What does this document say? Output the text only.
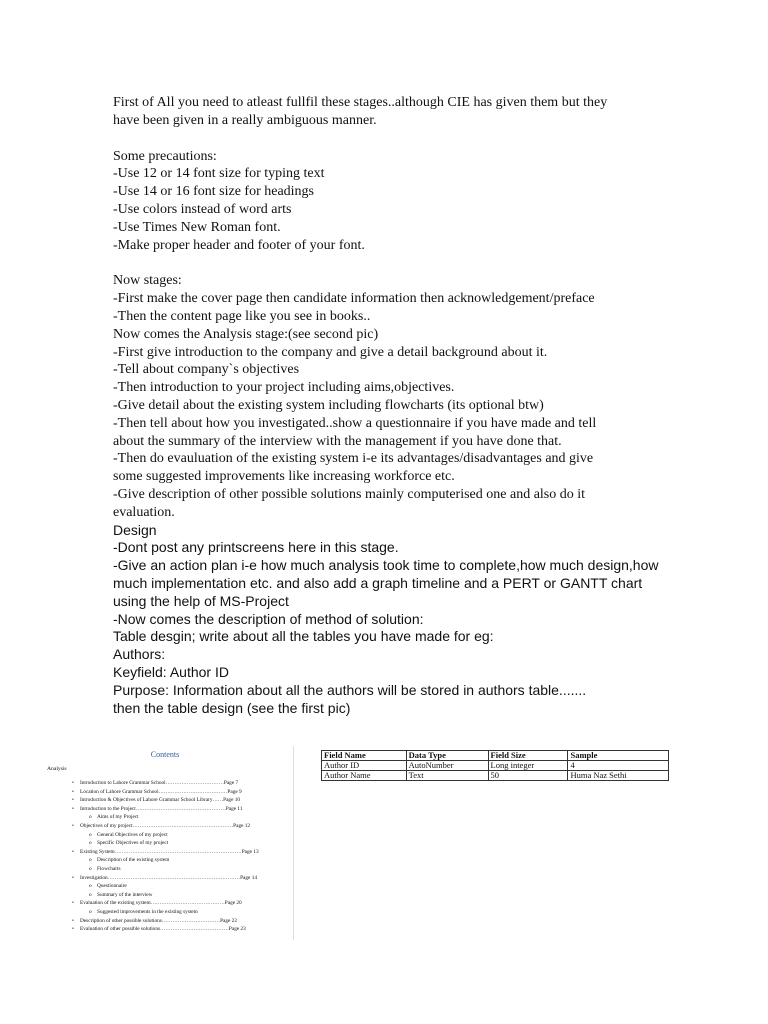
First of All you need to atleast fullfil these stages..although CIE has given them but they
have been given in a really ambiguous manner.
Some precautions:
-Use 12 or 14 font size for typing text
-Use 14 or 16 font size for headings
-Use colors instead of word arts
-Use Times New Roman font.
-Make proper header and footer of your font.
Now stages:
-First make the cover page then candidate information then acknowledgement/preface
-Then the content page like you see in books..
Now comes the Analysis stage:(see second pic)
-First give introduction to the company and give a detail background about it.
-Tell about company`s objectives
-Then introduction to your project including aims,objectives.
-Give detail about the existing system including flowcharts (its optional btw)
-Then tell about how you investigated..show a questionnaire if you have made and tell
about the summary of the interview with the management if you have done that.
-Then do evauluation of the existing system i-e its advantages/disadvantages and give
some suggested improvements like increasing workforce etc.
-Give description of other possible solutions mainly computerised one and also do it
evaluation.
Design
-Dont post any printscreens here in this stage.
-Give an action plan i-e how much analysis took time to complete,how much design,how
much implementation etc. and also add a graph timeline and a PERT or GANTT chart
using the help of MS-Project
-Now comes the description of method of solution:
Table desgin; write about all the tables you have made for eg:
Authors:
Keyfield: Author ID
Purpose: Information about all the authors will be stored in authors table.......
then the table design (see the first pic)
Contents
Analysis
• Introduction to Lahore Grammar School……………………………Page 7
• Location of Lahore Grammar School…………………………………Page 9
• Introduction & Objectives of Lahore Grammar School Library……Page 10
• Introduction to the Project……………………………………………Page 11
o Aims of my Project
• Objectives of my project…………………………………………………Page 12
o General Objectives of my project
o Specific Objectives of my project
• Existing System………………………………………………………………Page 13
o Description of the existing system
o Flowcharts
• Investigation…………………………………………………………………Page 14
o Questionnaire
o Summary of the interview
• Evaluation of the existing system……………………………………Page 20
o Suggested improvements in the existing system
• Description of other possible solutions……………………………Page 22
• Evaluation of other possible solutions…………………………………Page 23
Field Name	Data Type	Field Size	Sample
Author ID	AutoNumber	Long integer	4
Author Name	Text	50	Huma Naz Sethi
